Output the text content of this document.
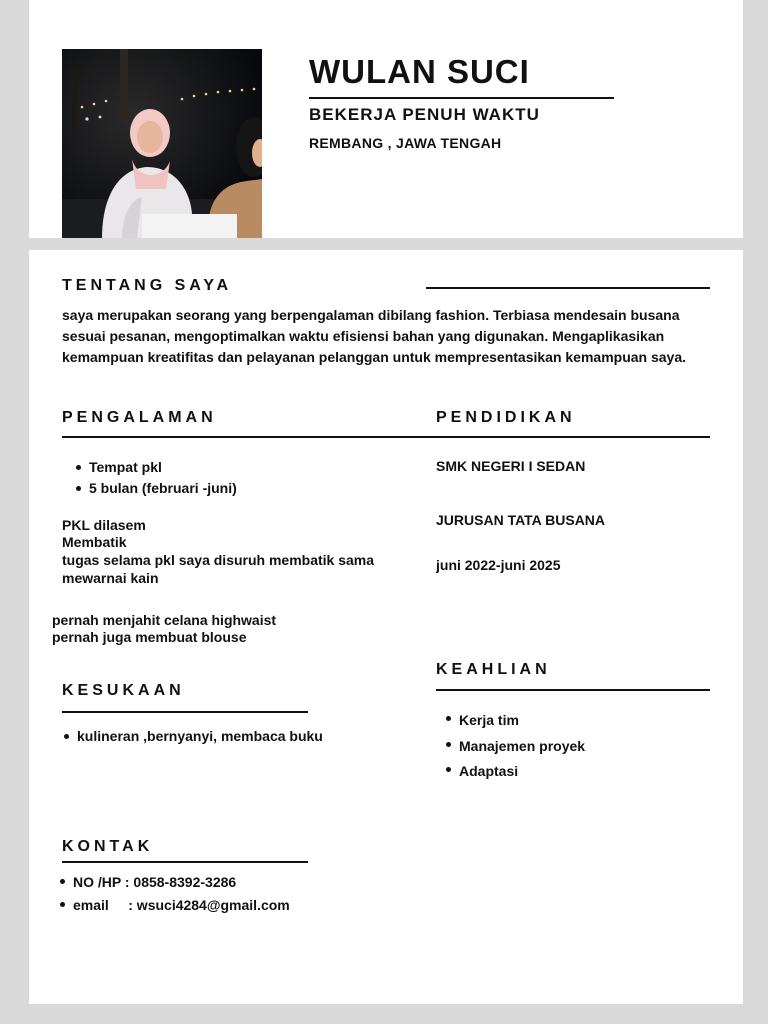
WULAN SUCI
BEKERJA PENUH WAKTU
REMBANG , JAWA TENGAH
TENTANG SAYA
saya merupakan seorang yang berpengalaman dibilang fashion. Terbiasa mendesain busana sesuai pesanan, mengoptimalkan waktu efisiensi bahan yang digunakan. Mengaplikasikan kemampuan kreatifitas dan pelayanan pelanggan untuk mempresentasikan kemampuan saya.
PENGALAMAN
Tempat pkl
5 bulan (februari -juni)
PKL dilasem
Membatik
tugas selama pkl saya disuruh membatik sama mewarnai kain
pernah menjahit celana highwaist
pernah juga membuat blouse
PENDIDIKAN
SMK NEGERI I SEDAN
JURUSAN TATA BUSANA
juni 2022-juni 2025
KESUKAAN
kulineran ,bernyanyi, membaca buku
KEAHLIAN
Kerja tim
Manajemen proyek
Adaptasi
KONTAK
NO /HP : 0858-8392-3286
email     : wsuci4284@gmail.com
